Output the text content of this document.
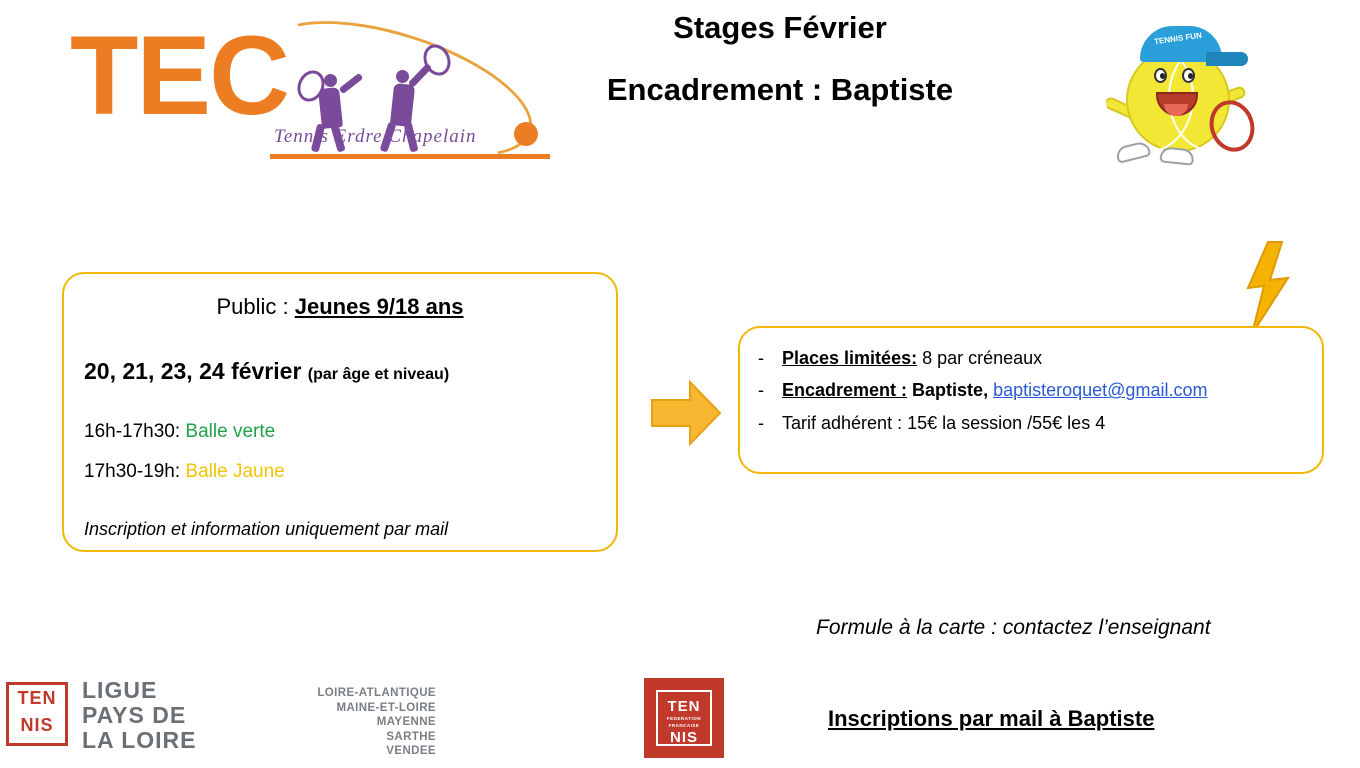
TEC
Tennis Erdre Chapelain
Stages Février
Encadrement : Baptiste
TENNIS FUN
Public : Jeunes 9/18 ans
20, 21, 23, 24 février (par âge et niveau)
16h-17h30: Balle verte
17h30-19h: Balle Jaune
Inscription et information uniquement par mail
-	Places limitées: 8 par créneaux
-	Encadrement : Baptiste, baptisteroquet@gmail.com
-	Tarif adhérent : 15€ la session /55€ les 4
Formule à la carte : contactez l’enseignant
TEN
NIS
LIGUE
PAYS DE
LA LOIRE
LOIRE-ATLANTIQUE
MAINE-ET-LOIRE
MAYENNE
SARTHE
VENDEE
TEN
FEDERATION FRANCAISE
NIS
Inscriptions par mail à Baptiste
